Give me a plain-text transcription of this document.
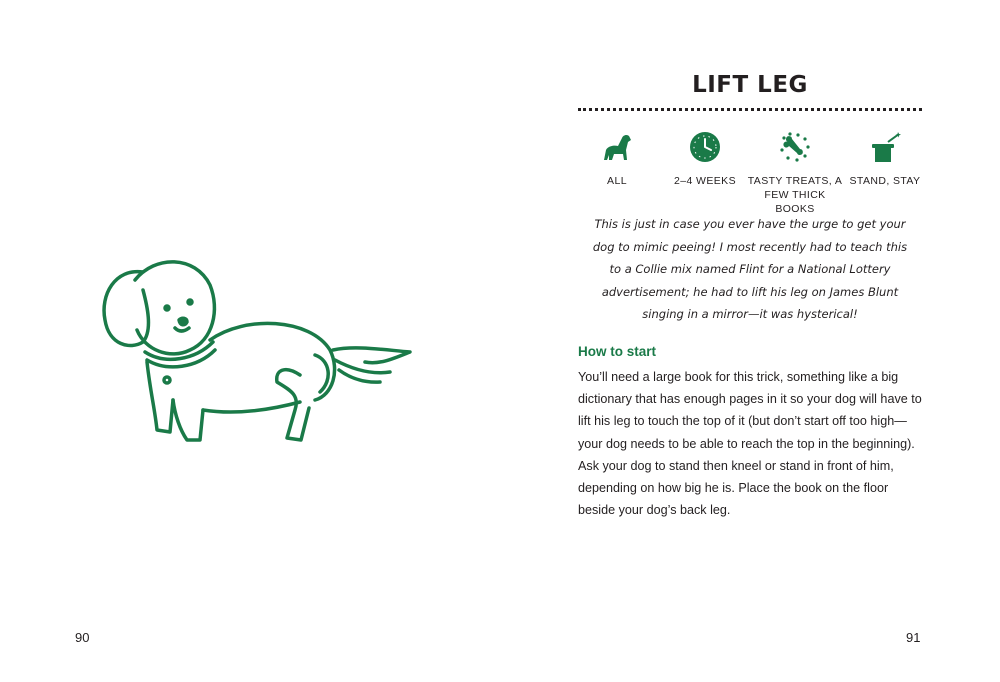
90
LIFT LEG
ALL	2–4 WEEKS	TASTY TREATS, A FEW THICK BOOKS
STAND, STAY

This is just in case you ever have the urge to get your dog to mimic peeing! I most recently had to teach this to a Collie mix named Flint for a National Lottery advertisement; he had to lift his leg on James Blunt singing in a mirror—it was hysterical!

How to start

You’ll need a large book for this trick, something like a big dictionary that has enough pages in it so your dog will have to lift his leg to touch the top of it (but don’t start off too high—your dog needs to be able to reach the top in the beginning). Ask your dog to stand then kneel or stand in front of him, depending on how big he is. Place the book on the floor beside your dog’s back leg.

91
